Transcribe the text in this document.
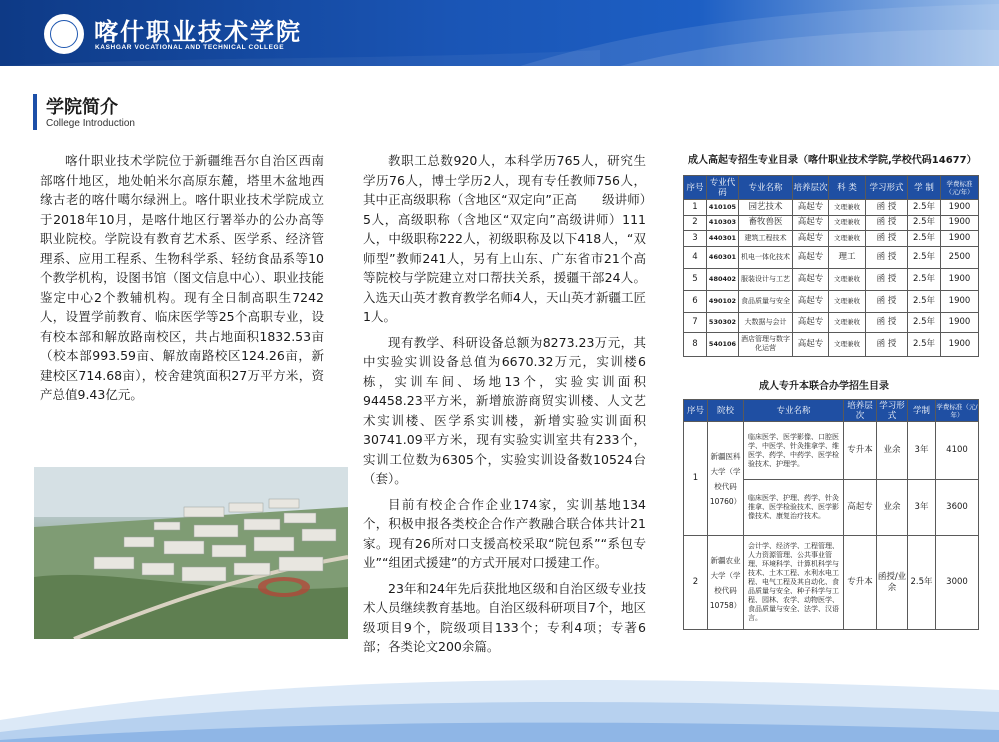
喀什职业技术学院
KASHGAR VOCATIONAL AND TECHNICAL COLLEGE
学院简介
College Introduction
喀什职业技术学院位于新疆维吾尔自治区西南部喀什地区，地处帕米尔高原东麓，塔里木盆地西缘古老的喀什噶尔绿洲上。喀什职业技术学院成立于2018年10月，是喀什地区行署举办的公办高等职业院校。学院设有教育艺术系、医学系、经济管理系、应用工程系、生物科学系、轻纺食品系等10个教学机构，设图书馆（图文信息中心）、职业技能鉴定中心2个教辅机构。现有全日制高职生7242人，设置学前教育、临床医学等25个高职专业，设有校本部和解放路南校区，共占地面积1832.53亩（校本部993.59亩、解放南路校区124.26亩，新建校区714.68亩），校舍建筑面积27万平方米，资产总值9.43亿元。
教职工总数920人，本科学历765人，研究生学历76人，博士学历2人，现有专任教师756人，其中正高级职称（含地区“双定向”正高　　级讲师）5人，高级职称（含地区“双定向”高级讲师）111人，中级职称222人，初级职称及以下418人，“双师型”教师241人，另有上山东、广东省市21个高等院校与学院建立对口帮扶关系，援疆干部24人。入选天山英才教育教学名师4人，天山英才新疆工匠1人。
现有教学、科研设备总额为8273.23万元，其中实验实训设备总值为6670.32万元，实训楼6栋，实训车间、场地13个，实验实训面积94458.23平方米，新增旅游商贸实训楼、人文艺术实训楼、医学系实训楼，新增实验实训面积30741.09平方米，现有实验实训室共有233个，实训工位数为6305个，实验实训设备数10524台（套）。
目前有校企合作企业174家，实训基地134个，积极申报各类校企合作产教融合联合体共计21家。现有26所对口支援高校采取“院包系”“系包专业”“组团式援建”的方式开展对口援建工作。
23年和24年先后获批地区级和自治区级专业技术人员继续教育基地。自治区级科研项目7个，地区级项目9个，院级项目133个；专利4项；专著6部；各类论文200余篇。
成人高起专招生专业目录（喀什职业技术学院,学校代码14677）
序号	专业代码	专业名称	培养层次	科 类	学习形式	学 制	学费标准（元/年）
1	410105	园艺技术	高起专	文理兼收	函 授	2.5年	1900
2	410303	畜牧兽医	高起专	文理兼收	函 授	2.5年	1900
3	440301	建筑工程技术	高起专	文理兼收	函 授	2.5年	1900
4	460301	机电一体化技术	高起专	理工	函 授	2.5年	2500
5	480402	服装设计与工艺	高起专	文理兼收	函 授	2.5年	1900
6	490102	食品质量与安全	高起专	文理兼收	函 授	2.5年	1900
7	530302	大数据与会计	高起专	文理兼收	函 授	2.5年	1900
8	540106	酒店管理与数字化运营	高起专	文理兼收	函 授	2.5年	1900
成人专升本联合办学招生目录
序号	院校	专业名称	培养层次	学习形式	学制	学费标准（元/年）
1	新疆医科大学（学校代码10760）	临床医学、医学影像、口腔医学、中医学、针灸推拿学、维医学、药学、中药学、医学检验技术、护理学。	专升本	业余	3年	4100
		临床医学、护理、药学、针灸推拿、医学检验技术、医学影像技术、康复治疗技术。	高起专	业余	3年	3600
2	新疆农业大学（学校代码10758）	会计学、经济学、工程管理、人力资源管理、公共事业管理、环境科学、计算机科学与技术、土木工程、水利水电工程、电气工程及其自动化、食品质量与安全、种子科学与工程、园林、农学、动物医学、食品质量与安全、法学、汉语言。	专升本	函授/业余	2.5年	3000
